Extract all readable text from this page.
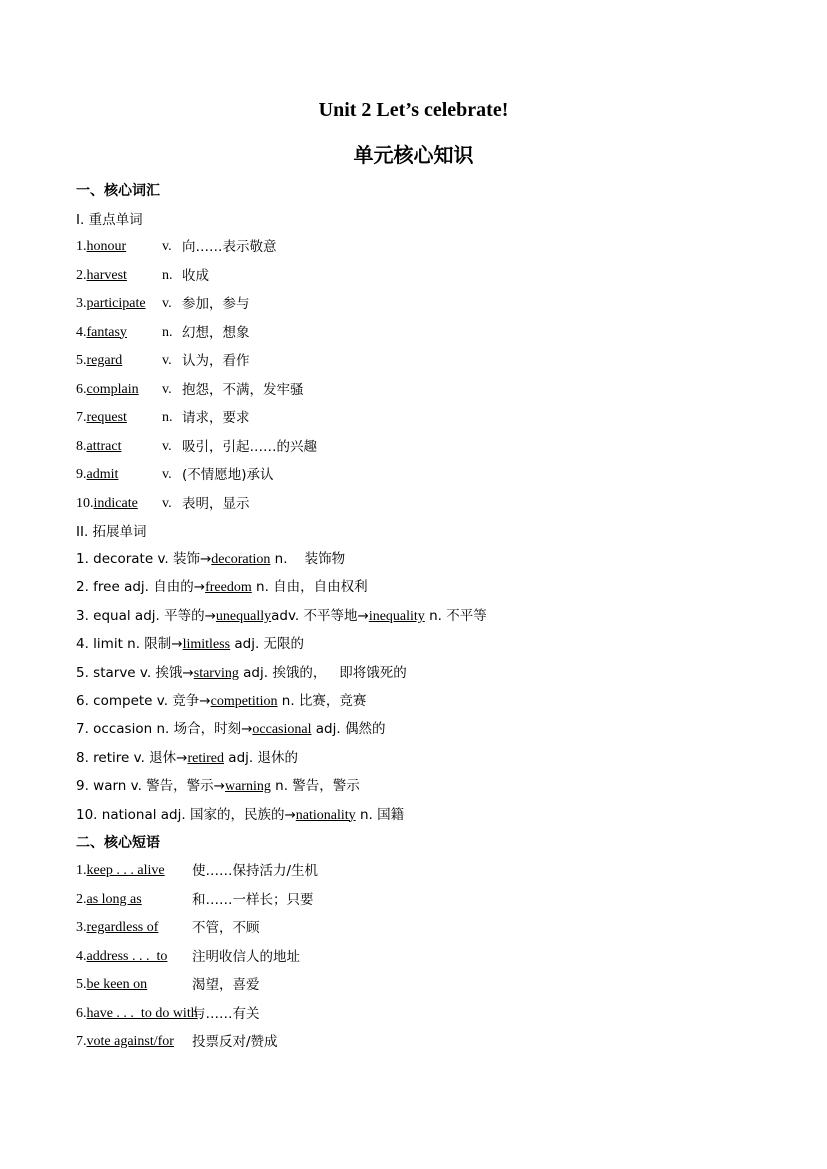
Unit 2 Let’s celebrate!
单元核心知识
一、核心词汇
I. 重点单词
1.honour	v. 向……表示敬意
2.harvest	n. 收成
3.participate v. 参加，参与
4.fantasy	n. 幻想，想象
5.regard	v. 认为，看作
6.complain v. 抱怨，不满，发牢骚
7.request	n. 请求，要求
8.attract	v. 吸引，引起……的兴趣
9.admit	v. (不情愿地)承认
10.indicate v. 表明，显示
II. 拓展单词
1. decorate v. 装饰→decoration n.    装饰物
2. free adj. 自由的→freedom n. 自由，自由权利
3. equal adj. 平等的→unequallyadv. 不平等地→inequality n. 不平等
4. limit n. 限制→limitless adj. 无限的
5. starve v. 挨饿→starving adj. 挨饿的，   即将饿死的
6. compete v. 竞争→competition n. 比赛，竞赛
7. occasion n. 场合，时刻→occasional adj. 偶然的
8. retire v. 退休→retired adj. 退休的
9. warn v. 警告，警示→warning n. 警告，警示
10. national adj. 国家的，民族的→nationality n. 国籍
二、核心短语
1.keep . . . alive 使……保持活力/生机
2.as long as	和……一样长；只要
3.regardless of 不管，不顾
4.address . . .  to 注明收信人的地址
5.be keen on	渴望，喜爱
6.have . . .  to do with
与……有关
7.vote against/for 投票反对/赞成
